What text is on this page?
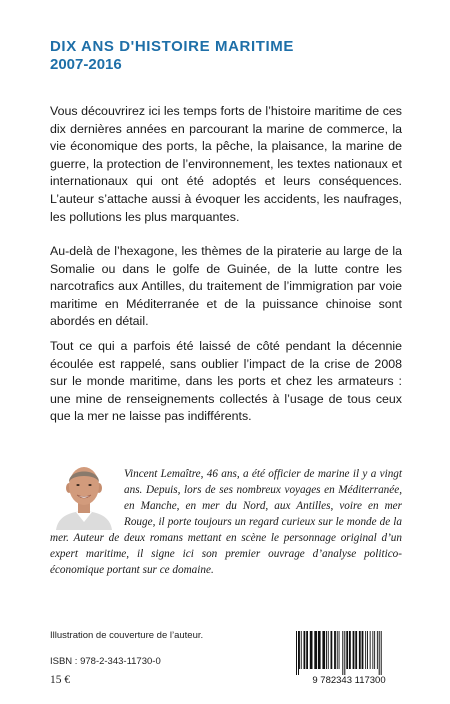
DIX ANS D'HISTOIRE MARITIME
2007-2016

Vous découvrirez ici les temps forts de l’histoire maritime de ces dix dernières années en parcourant la marine de commerce, la vie économique des ports, la pêche, la plaisance, la marine de guerre, la protection de l’environnement, les textes nationaux et internationaux qui ont été adoptés et leurs conséquences. L’auteur s’attache aussi à évoquer les accidents, les naufrages, les pollutions les plus marquantes.

Au-delà de l’hexagone, les thèmes de la piraterie au large de la Somalie ou dans le golfe de Guinée, de la lutte contre les narcotrafics aux Antilles, du traitement de l’immigration par voie maritime en Méditerranée et de la puissance chinoise sont abordés en détail.

Tout ce qui a parfois été laissé de côté pendant la décennie écoulée est rappelé, sans oublier l’impact de la crise de 2008 sur le monde maritime, dans les ports et chez les armateurs : une mine de renseignements collectés à l’usage de tous ceux que la mer ne laisse pas indifférents.

Vincent Lemaître, 46 ans, a été officier de marine il y a vingt ans. Depuis, lors de ses nombreux voyages en Méditerranée, en Manche, en mer du Nord, aux Antilles, voire en mer Rouge, il porte toujours un regard curieux sur le monde de la mer. Auteur de deux romans mettant en scène le personnage original d’un expert maritime, il signe ici son premier ouvrage d’analyse politico-économique portant sur ce domaine.

Illustration de couverture de l’auteur.

ISBN : 978-2-343-11730-0

15 €	9 782343 117300
